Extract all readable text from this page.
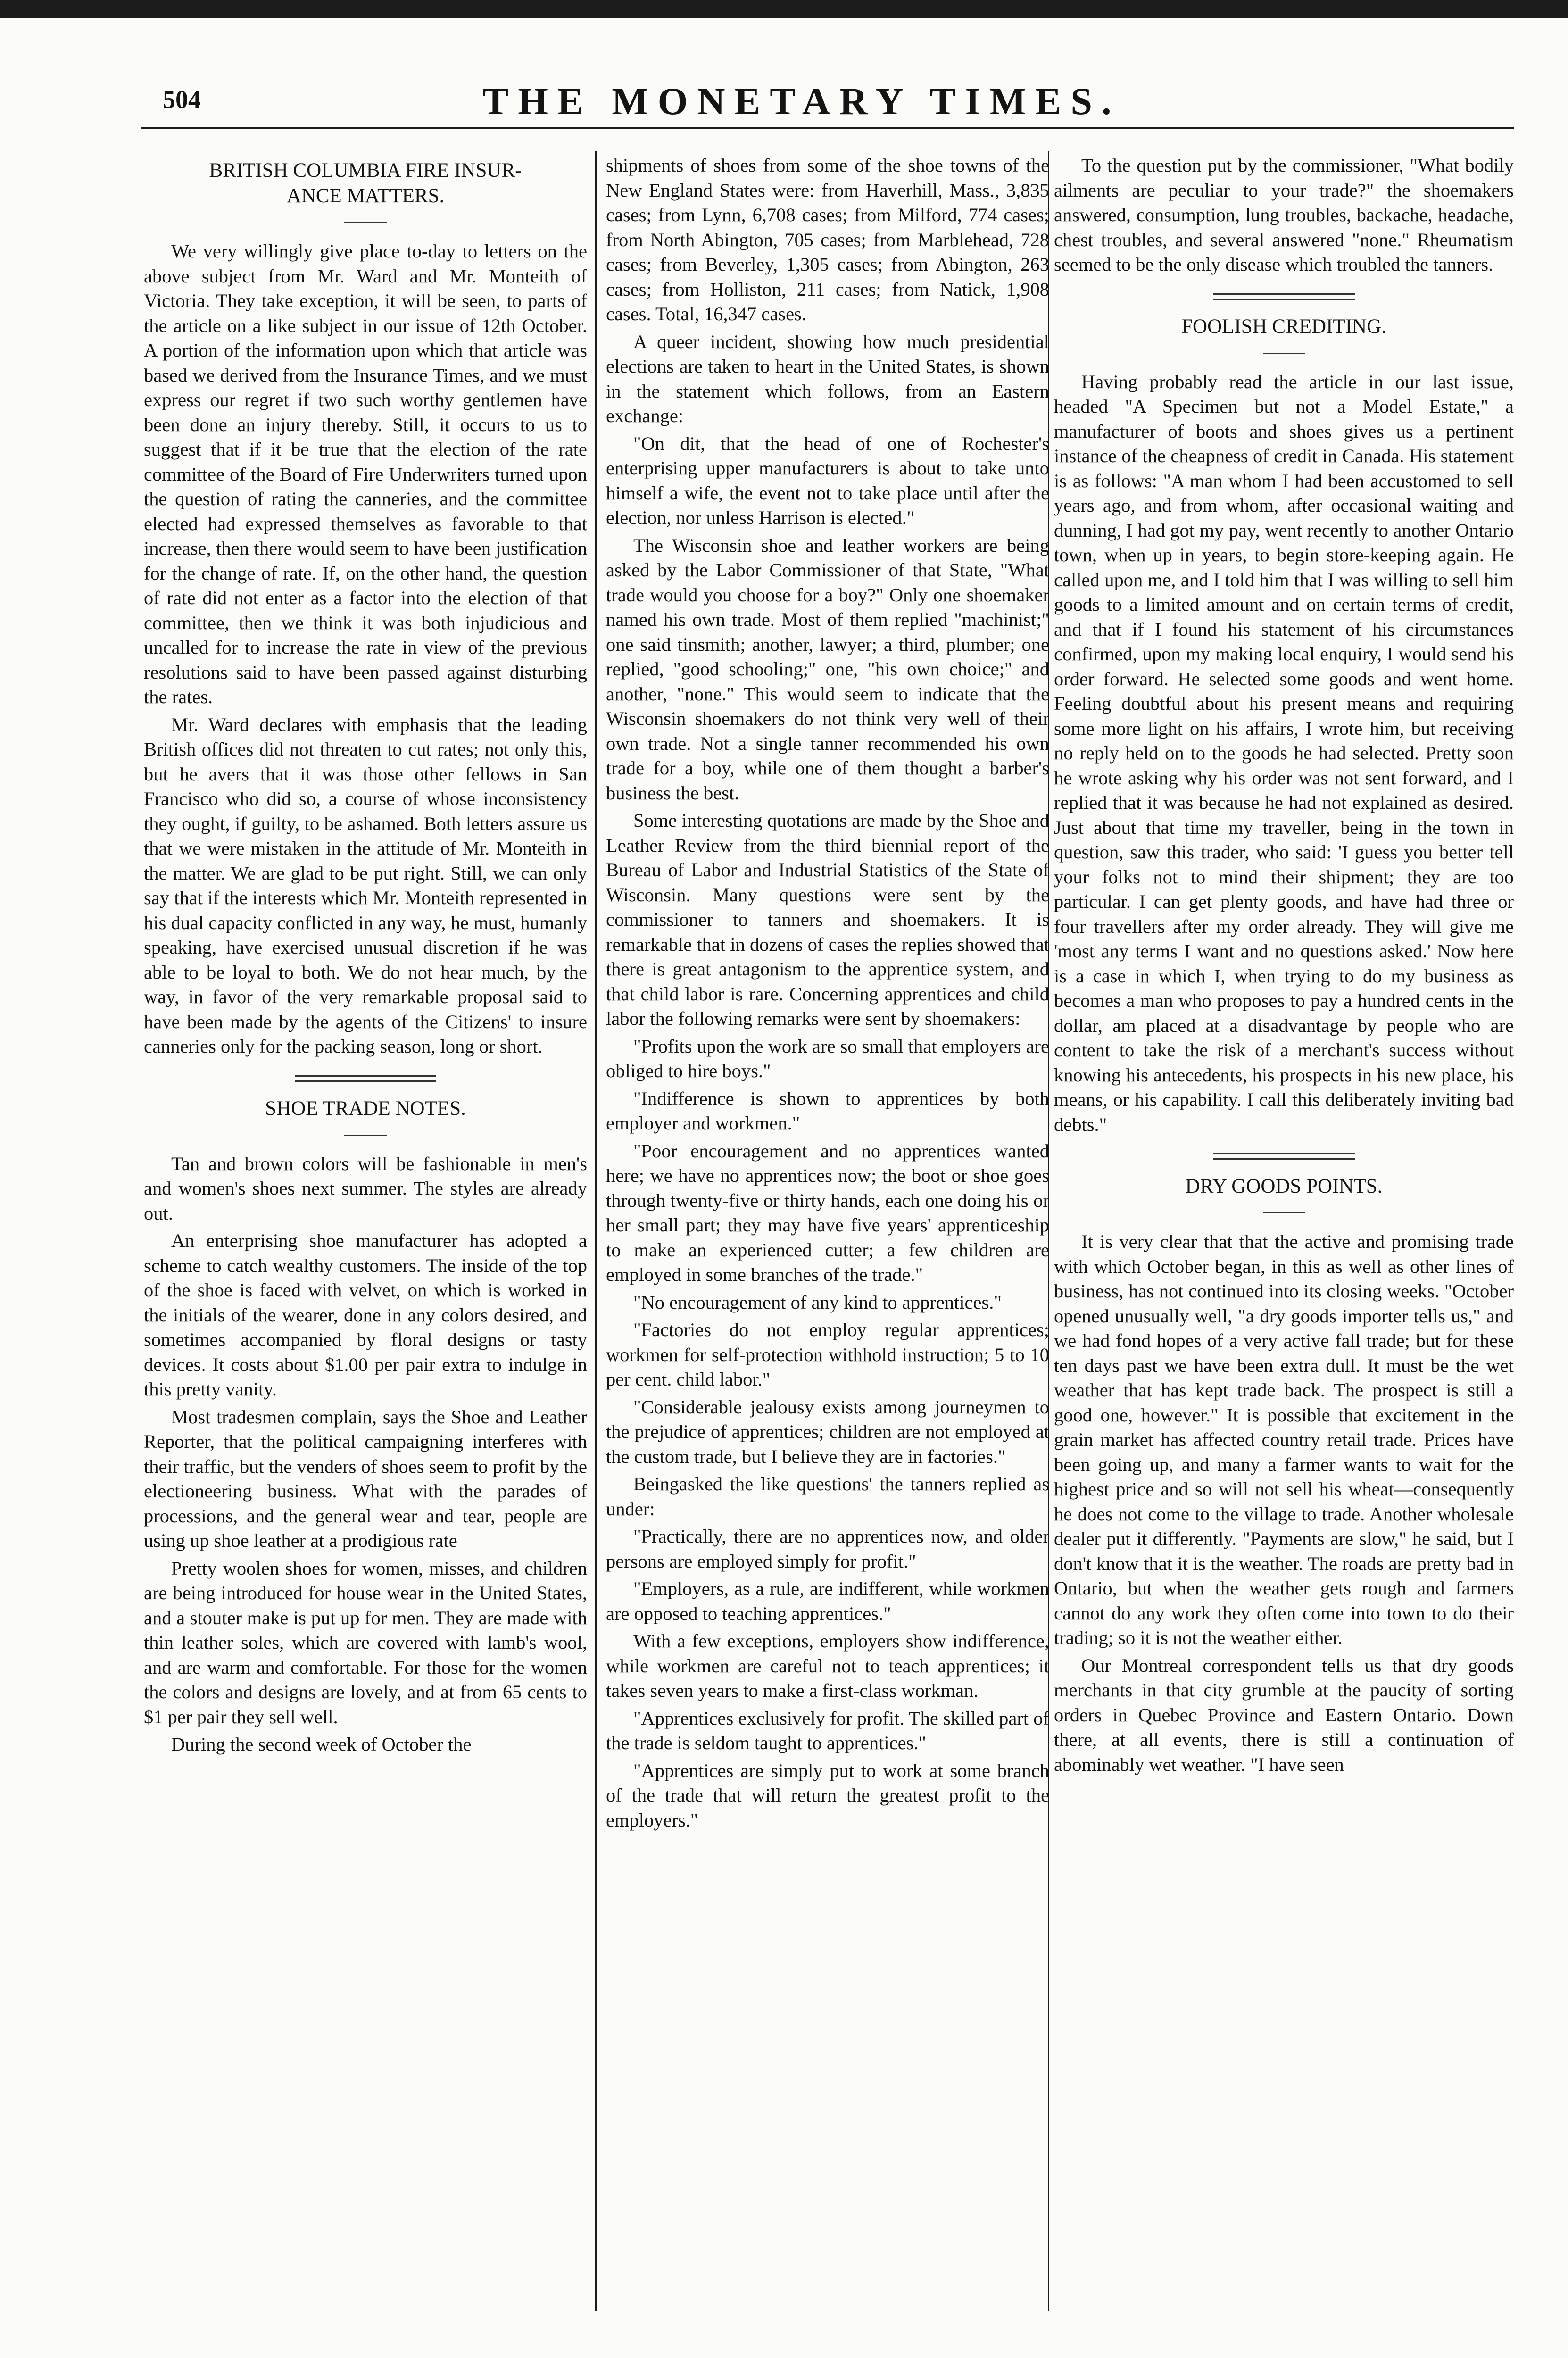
504	THE MONETARY TIMES.
BRITISH COLUMBIA FIRE INSUR-
ANCE MATTERS.

We very willingly give place to-day to letters on the above subject from Mr. Ward and Mr. Monteith of Victoria. They take exception, it will be seen, to parts of the article on a like subject in our issue of 12th October. A portion of the information upon which that article was based we derived from the Insurance Times, and we must express our regret if two such worthy gentlemen have been done an injury thereby. Still, it occurs to us to suggest that if it be true that the election of the rate committee of the Board of Fire Underwriters turned upon the question of rating the canneries, and the committee elected had expressed themselves as favorable to that increase, then there would seem to have been justification for the change of rate. If, on the other hand, the question of rate did not enter as a factor into the election of that committee, then we think it was both injudicious and uncalled for to increase the rate in view of the previous resolutions said to have been passed against disturbing the rates.

Mr. Ward declares with emphasis that the leading British offices did not threaten to cut rates; not only this, but he avers that it was those other fellows in San Francisco who did so, a course of whose inconsistency they ought, if guilty, to be ashamed. Both letters assure us that we were mistaken in the attitude of Mr. Monteith in the matter. We are glad to be put right. Still, we can only say that if the interests which Mr. Monteith represented in his dual capacity conflicted in any way, he must, humanly speaking, have exercised unusual discretion if he was able to be loyal to both. We do not hear much, by the way, in favor of the very remarkable proposal said to have been made by the agents of the Citizens' to insure canneries only for the packing season, long or short.

SHOE TRADE NOTES.

Tan and brown colors will be fashionable in men's and women's shoes next summer. The styles are already out.

An enterprising shoe manufacturer has adopted a scheme to catch wealthy customers. The inside of the top of the shoe is faced with velvet, on which is worked in the initials of the wearer, done in any colors desired, and sometimes accompanied by floral designs or tasty devices. It costs about $1.00 per pair extra to indulge in this pretty vanity.

Most tradesmen complain, says the Shoe and Leather Reporter, that the political campaigning interferes with their traffic, but the venders of shoes seem to profit by the electioneering business. What with the parades of processions, and the general wear and tear, people are using up shoe leather at a prodigious rate

Pretty woolen shoes for women, misses, and children are being introduced for house wear in the United States, and a stouter make is put up for men. They are made with thin leather soles, which are covered with lamb's wool, and are warm and comfortable. For those for the women the colors and designs are lovely, and at from 65 cents to $1 per pair they sell well.

During the second week of October the

shipments of shoes from some of the shoe towns of the New England States were: from Haverhill, Mass., 3,835 cases; from Lynn, 6,708 cases; from Milford, 774 cases; from North Abington, 705 cases; from Marblehead, 728 cases; from Beverley, 1,305 cases; from Abington, 263 cases; from Holliston, 211 cases; from Natick, 1,908 cases. Total, 16,347 cases.

A queer incident, showing how much presidential elections are taken to heart in the United States, is shown in the statement which follows, from an Eastern exchange:

"On dit, that the head of one of Rochester's enterprising upper manufacturers is about to take unto himself a wife, the event not to take place until after the election, nor unless Harrison is elected."

The Wisconsin shoe and leather workers are being asked by the Labor Commissioner of that State, "What trade would you choose for a boy?" Only one shoemaker named his own trade. Most of them replied "machinist;" one said tinsmith; another, lawyer; a third, plumber; one replied, "good schooling;" one, "his own choice;" and another, "none." This would seem to indicate that the Wisconsin shoemakers do not think very well of their own trade. Not a single tanner recommended his own trade for a boy, while one of them thought a barber's business the best.

Some interesting quotations are made by the Shoe and Leather Review from the third biennial report of the Bureau of Labor and Industrial Statistics of the State of Wisconsin. Many questions were sent by the commissioner to tanners and shoemakers. It is remarkable that in dozens of cases the replies showed that there is great antagonism to the apprentice system, and that child labor is rare. Concerning apprentices and child labor the following remarks were sent by shoemakers:

"Profits upon the work are so small that employers are obliged to hire boys."

"Indifference is shown to apprentices by both employer and workmen."

"Poor encouragement and no apprentices wanted here; we have no apprentices now; the boot or shoe goes through twenty-five or thirty hands, each one doing his or her small part; they may have five years' apprenticeship to make an experienced cutter; a few children are employed in some branches of the trade."

"No encouragement of any kind to apprentices."

"Factories do not employ regular apprentices; workmen for self-protection withhold instruction; 5 to 10 per cent. child labor."

"Considerable jealousy exists among journeymen to the prejudice of apprentices; children are not employed at the custom trade, but I believe they are in factories."

Beingasked the like questions' the tanners replied as under:

"Practically, there are no apprentices now, and older persons are employed simply for profit."

"Employers, as a rule, are indifferent, while workmen are opposed to teaching apprentices."

With a few exceptions, employers show indifference, while workmen are careful not to teach apprentices; it takes seven years to make a first-class workman.

"Apprentices exclusively for profit. The skilled part of the trade is seldom taught to apprentices."

"Apprentices are simply put to work at some branch of the trade that will return the greatest profit to the employers."

To the question put by the commissioner, "What bodily ailments are peculiar to your trade?" the shoemakers answered, consumption, lung troubles, backache, headache, chest troubles, and several answered "none." Rheumatism seemed to be the only disease which troubled the tanners.

FOOLISH CREDITING.

Having probably read the article in our last issue, headed "A Specimen but not a Model Estate," a manufacturer of boots and shoes gives us a pertinent instance of the cheapness of credit in Canada. His statement is as follows: "A man whom I had been accustomed to sell years ago, and from whom, after occasional waiting and dunning, I had got my pay, went recently to another Ontario town, when up in years, to begin store-keeping again. He called upon me, and I told him that I was willing to sell him goods to a limited amount and on certain terms of credit, and that if I found his statement of his circumstances confirmed, upon my making local enquiry, I would send his order forward. He selected some goods and went home. Feeling doubtful about his present means and requiring some more light on his affairs, I wrote him, but receiving no reply held on to the goods he had selected. Pretty soon he wrote asking why his order was not sent forward, and I replied that it was because he had not explained as desired. Just about that time my traveller, being in the town in question, saw this trader, who said: 'I guess you better tell your folks not to mind their shipment; they are too particular. I can get plenty goods, and have had three or four travellers after my order already. They will give me 'most any terms I want and no questions asked.' Now here is a case in which I, when trying to do my business as becomes a man who proposes to pay a hundred cents in the dollar, am placed at a disadvantage by people who are content to take the risk of a merchant's success without knowing his antecedents, his prospects in his new place, his means, or his capability. I call this deliberately inviting bad debts."

DRY GOODS POINTS.

It is very clear that that the active and promising trade with which October began, in this as well as other lines of business, has not continued into its closing weeks. "October opened unusually well, "a dry goods importer tells us," and we had fond hopes of a very active fall trade; but for these ten days past we have been extra dull. It must be the wet weather that has kept trade back. The prospect is still a good one, however." It is possible that excitement in the grain market has affected country retail trade. Prices have been going up, and many a farmer wants to wait for the highest price and so will not sell his wheat—consequently he does not come to the village to trade. Another wholesale dealer put it differently. "Payments are slow," he said, but I don't know that it is the weather. The roads are pretty bad in Ontario, but when the weather gets rough and farmers cannot do any work they often come into town to do their trading; so it is not the weather either.

Our Montreal correspondent tells us that dry goods merchants in that city grumble at the paucity of sorting orders in Quebec Province and Eastern Ontario. Down there, at all events, there is still a continuation of abominably wet weather. "I have seen
